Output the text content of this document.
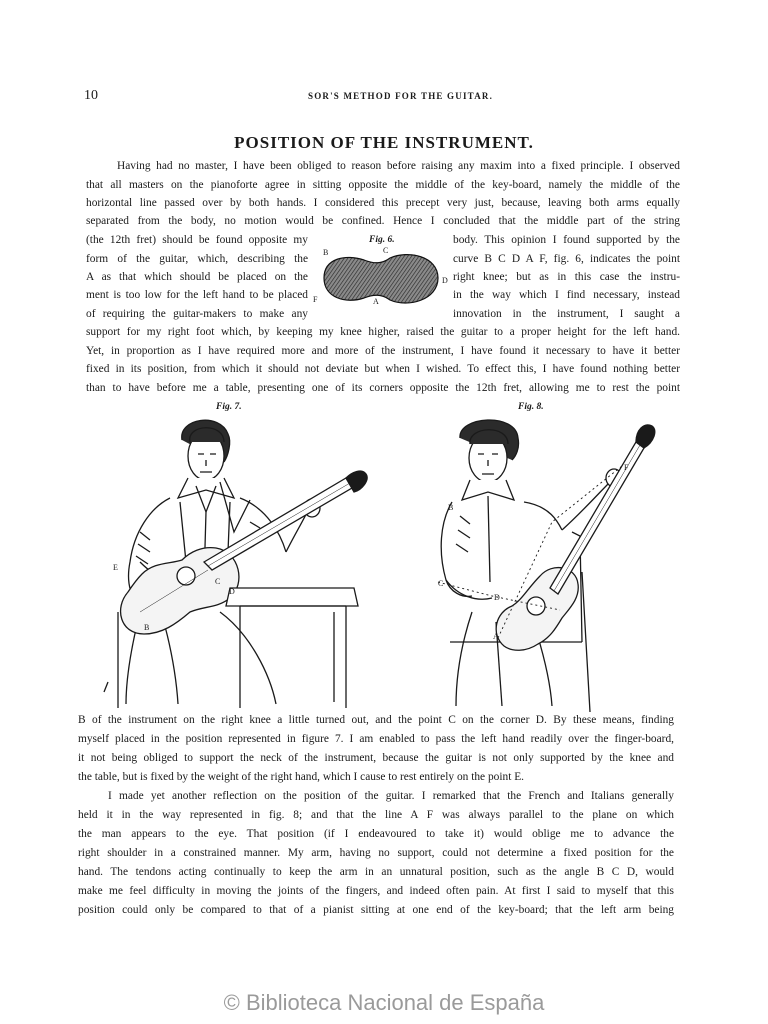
10	SOR'S METHOD FOR THE GUITAR.
POSITION OF THE INSTRUMENT.

Having had no master, I have been obliged to reason before raising any maxim into a fixed principle. I observed

that all masters on the pianoforte agree in sitting opposite the middle of the key-board, namely the middle of the

horizontal line passed over by both hands. I considered this precept very just, because, leaving both arms equally

separated from the body, no motion would be confined. Hence I concluded that the middle part of the string

(the 12th fret) should be found opposite my

form of the guitar, which, describing the

A as that which should be placed on the

ment is too low for the left hand to be placed

of requiring the guitar-makers to make any

body. This opinion I found supported by the

curve B C D A F, fig. 6, indicates the point

right knee; but as in this case the instru-

in the way which I find necessary, instead

innovation in the instrument, I saught a

Fig. 6.
B	C
D
A
F

support for my right foot which, by keeping my knee higher, raised the guitar to a proper height for the left hand.

Yet, in proportion as I have required more and more of the instrument, I have found it necessary to have it better

fixed in its position, from which it should not deviate but when I wished. To effect this, I have found nothing better

than to have before me a table, presenting one of its corners opposite the 12th fret, allowing me to rest the point

Fig. 7.
E
C
D
B
Fig. 8.
B
C
D
A
F

B of the instrument on the right knee a little turned out, and the point C on the corner D. By these means, finding

myself placed in the position represented in figure 7. I am enabled to pass the left hand readily over the finger-board,

it not being obliged to support the neck of the instrument, because the guitar is not only supported by the knee and

the table, but is fixed by the weight of the right hand, which I cause to rest entirely on the point E.

I made yet another reflection on the position of the guitar. I remarked that the French and Italians generally

held it in the way represented in fig. 8; and that the line A F was always parallel to the plane on which

the man appears to the eye. That position (if I endeavoured to take it) would oblige me to advance the

right shoulder in a constrained manner. My arm, having no support, could not determine a fixed position for the

hand. The tendons acting continually to keep the arm in an unnatural position, such as the angle B C D, would

make me feel difficulty in moving the joints of the fingers, and indeed often pain. At first I said to myself that this

position could only be compared to that of a pianist sitting at one end of the key-board; that the left arm being

© Biblioteca Nacional de España
